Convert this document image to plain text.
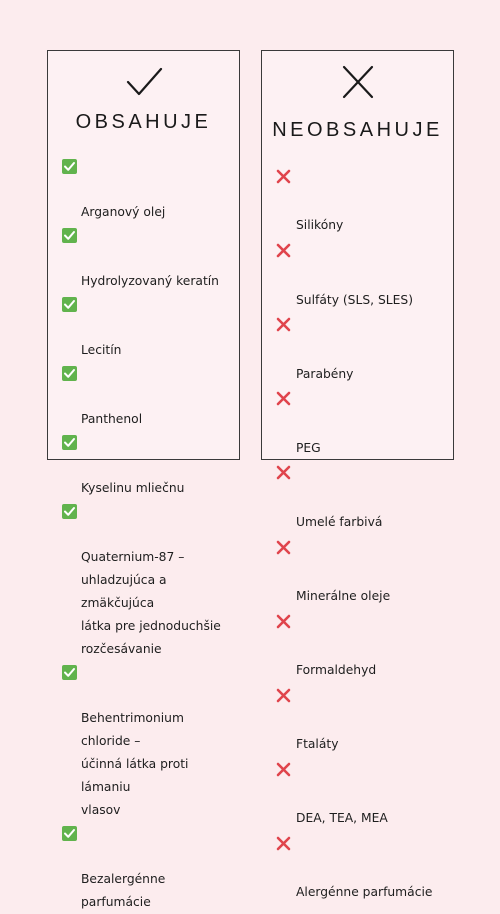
OBSAHUJE

Arganový olej

Hydrolyzovaný keratín

Lecitín

Panthenol

Kyselinu mliečnu

Quaternium-87 –
uhladzujúca a zmäkčujúca
látka pre jednoduchšie
rozčesávanie

Behentrimonium chloride –
účinná látka proti lámaniu
vlasov

Bezalergénne parfumácie

NEOBSAHUJE

Silikóny

Sulfáty (SLS, SLES)

Parabény

PEG

Umelé farbivá

Minerálne oleje

Formaldehyd

Ftaláty

DEA, TEA, MEA

Alergénne parfumácie
